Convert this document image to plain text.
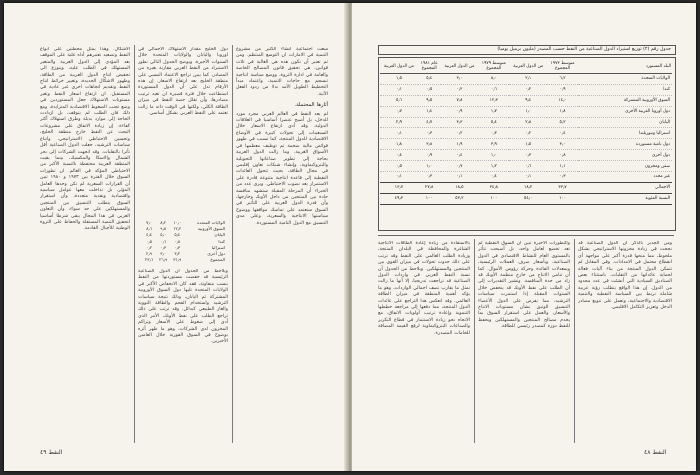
الاشكال. وهذا يمثل محطتين على ابواع النفط وتصعيد تعتبرهم أداه غلبة على الموقف بعد المؤدي إلى الدول العربية والمتغير المستهلك في الطلب عليه، ويتوزع الى تخفيض انتاج الدول الغربية من الطاقة، وظهور الاشكال الجديدة، وتغيير خرائط انتاج النفط وتقديم اتجاهات اخرى غير عادية في المستقبل. ان ارتفاع اسعار النفط وتغير مستويات الاستهلاك جعل المستوردين في وضع تجنب الضغوط الاقتصادية المتزايدة، ومع ذلك فان الطلب لم يتوقف، بل ازدادت الحاجة إلى موارد بديلة وطرق استهلاك أكثر كفاءة. إن زيادة الانفاق على مشروعات البحث عن النفط خارج منطقة الخليج، وتحسين الاحتياطي الاستراتيجي، واتباع سياسات الترشيد، جعلت الدول الصناعية أقل تأثرا بالتقلبات. وقد اتجهت الشركات إلى بحر الشمال والاسكا والمكسيك، بينما بقيت المنطقة العربية محتفظة بالنسبة الأكبر من الاحتياطي المؤكد في العالم. ان تطورات السوق خلال الفترة بين ١٩٧٣ و ١٩٨٠ تبين أن القرارات السعرية لم تكن وحدها العامل المؤثر، بل تداخلت معها عوامل سياسية واقتصادية ونقدية متعددة، وأن استقرار السوق يتطلب التنسيق بين المنتجين والمستهلكين على حد سواء، وأن التعاون العربي في هذا المجال يبقى شرطا أساسيا لتحقيق التنمية المستقلة والحفاظ على الثروة الوطنية للأجيال القادمة.
دول الخليج مقدار الاستهلاك الاجمالي في اوروبا واليابان والولايات المتحدة خلال السنوات الأخيرة، ويوضح الجدول التالي تطور الاستيراد من النفط العربي مقارنة بغيره من المصادر، كما يبين تراجع الاعتماد النسبي على منطقة الخليج بعد ارتفاع الاسعار. إن هذه الأرقام تدل على أن الدول المستوردة استطاعت خلال فترة قصيرة ان تعيد ترتيب مصادرها، وأن تقلل حصة النفط في ميزان الطاقة الكلي، ولكنها في الوقت ذاته ما زالت تعتمد على النفط العربي بشكل أساسي.
الولايات المتحدة	١٠٫٠	٨٫٢	٧٫٠
السوق الأوروبية	١٢٫٢	٩٫٨	٨٫٦
اليابان	٥٫٤	٥٫٠	٤٫٤
كندا	٠٫٨	٠٫٦	٠٫٥
استراليا	٠٫٣	٠٫٣	٠٫٢
دول أخرى	٣٫٢	٣٫٠	٢٫٩
المجموع	٣١٫٩	٢٦٫٩	٢٣٫٦
ويلاحظ من الجدول أن الدول الصناعية الرئيسية قد خفضت مستوردتها من النفط بنسب متفاوتة، فقد كان الانخفاض الأكبر في الولايات المتحدة تليها دول السوق الأوروبية المشتركة ثم اليابان، وذلك نتيجة سياسات الترشيد واستخدام الفحم والطاقة النووية والغاز الطبيعي كبدائل. وقد ترتب على ذلك تراجع الطلب على نفط الأوبك، الأمر الذي أدى إلى ضغوط على الأسعار وتراكم المخزون لدى الشركات، وهو ما ظهر أثره بوضوح في السوق الفورية خلال العامين الأخيرين.
سعت اجتماعية انشاء الكثير من مشروع التنمية في الامارات ان التوسع المنتظم. ومن ثم تعتبر أن تكون هذه هي الغالبة في ثلاث قوانين، هي تحقيق قانون المصالح الخاصة والعامة في ادارة الثروة، ووضع سياسة انتاجية تنسجم مع حاجات التنمية، واعتماد مبدأ التخطيط الطويل الأمد بدلا من ردود الفعل الآنية.
آثارها المحتملة.
لم يعد النفط في العالم العربي مجرد مورد للدخل، بل أصبح عنصرا أساسيا في العلاقات الدولية. وقد أدى ارتفاع الاسعار خلال السبعينات إلى تحولات كبيرة في الأوضاع الاقتصادية للدول المنتجة، كما تسبب في ظهور فوائض مالية ضخمة تم توظيف معظمها في الأسواق الغربية. وما زالت الدول العربية بحاجة إلى تطوير صناعاتها التحويلية والبتروكيماوية، وإنشاء شبكات تعاون إقليمي في مجال الطاقة، بحيث تتحول العائدات النفطية إلى قاعدة انتاجية متنوعة قادرة على الاستمرار بعد نضوب الاحتياطي. ويرى عدد من الخبراء أن المرحلة المقبلة ستشهد منافسة حادة بين المنتجين من داخل الأوبك وخارجها، وأن قدرة الدول العربية على التأثير في السوق ستعتمد على تماسك مواقفها ووضوح سياستها الانتاجية والسعرية، وعلى مدى التنسيق مع الدول النامية المستوردة.
النفط ٤٩
جدول رقم (٢) توزيع استيراد الدول الصناعية من النفط حسب المصدر (مليون برميل يوميا)
البلد المستورد	متوسط ١٩٧٣
المجموع	من الدول العربية	متوسط ١٩٧٩
المجموع	من الدول العربية	عام ١٩٨١
المجموع	من الدول العربية
الولايات المتحدة	٦٫٢	٢٫١	٨٫٠	٣٫٠	٥٫٤	١٫٥
كندا	٠٫٩	٠٫٢	٠٫٦	٠٫٢	٠٫٥	٠٫١
السوق الأوروبية المشتركة	١٤٫٠	٩٫٤	١٢٫٣	٧٫٨	٩٫٥	٥٫٦
دول أوروبا الغربية الأخرى	١٫٨	١٫٠	١٫٧	٠٫٩	١٫٤	٠٫٧
اليابان	٥٫٢	٢٫٨	٥٫٤	٣٫٣	٤٫٧	٢٫٩
استراليا ونيوزيلندا	٠٫٤	٠٫٢	٠٫٣	٠٫٢	٠٫٣	٠٫١
دول نامية مستوردة	٣٫٠	١٫٥	٣٫٩	١٫٩	٣٫٨	١٫٨
دول أخرى	٠٫٨	٠٫٣	١٫٠	٠٫٤	٠٫٩	٠٫٤
سفن ومخزون	١٫١	٠٫٦	١٫٢	٠٫٧	١٫٠	٠٫٥
غير محدد	٠٫٣	٠٫١	٠٫٤	٠٫١	٠٫٣	٠٫١
الاجمالي	٣٣٫٧	١٨٫٢	٣٤٫٨	١٨٫٥	٢٧٫٨	١٣٫٧
النسبة المئوية	١٠٠	٥٤٫٠	١٠٠	٥٣٫٢	١٠٠	٤٩٫٣
بالاستفادة من زيادة إعادة الطاقات الانتاجية الشاغرة والمحافظة في البلدان المنتجة، وزيادة الطلب العالمي على النفط وقد ترتب على ذلك حدوث تحولات في ميزان القوى بين المنتجين والمستهلكين. ويلاحظ من الجدول أن نسبة النفط العربي في واردات الدول الصناعية قد تراجعت تدريجيا، إلا أنها ما زالت تمثل ما يقارب نصف اجمالي الواردات، وهو ما يؤكد أهمية المنطقة في ميزان الطاقة العالمي. وقد انعكس هذا التراجع على عائدات الدول المنتجة، مما دفعها إلى مراجعة خططها التنموية وإعادة ترتيب أولويات الانفاق، مع الاتجاه نحو زيادة الاستثمار في قطاع التكرير والصناعات البتروكيماوية لرفع القيمة المضافة للخامات المصدرة.
والتطورات الاخيرة تبين أن السوق النفطية لم تعد تخضع لعامل واحد، بل أصبحت تتأثر بالمستوى العام للنشاط الاقتصادي في الدول الصناعية، وبأسعار صرف العملات الرئيسية، وبمعدلات الفائدة وحركة رؤوس الأموال. كما أن تنامي الانتاج من خارج منظمة الأوبك قد زاد من حدة المنافسة. وتشير التقديرات إلى أن الطلب على نفط الأوبك قد ينخفض خلال السنوات المقبلة إذا استمرت سياسات الترشيد، مما يفرض على الدول الأعضاء التنسيق الوثيق بشأن مستويات الانتاج والأسعار، والعمل على استقرار السوق بما يخدم مصالح المنتجين والمستهلكين ويحفظ للنفط دوره كمصدر رئيسي للطاقة.
ومن الجدير بالذكر أن الدول الصناعية قد نجحت في زيادة مخزونها الاستراتيجي بشكل ملحوظ، مما منحها قدرة أكبر على مواجهة أي انقطاع محتمل في الامدادات. وفي المقابل لم تتمكن الدول المنتجة من بناء آليات فعالة لحماية عائداتها من التقلبات، باستثناء بعض الصناديق السيادية التي أنشئت في عدد محدود من الدول. إن هذا الواقع يتطلب رؤية عربية شاملة تربط بين السياسة النفطية والتنمية الاقتصادية والاجتماعية، وتعمل على تنويع مصادر الدخل وتعزيز التكامل الاقليمي.
النفط ٤٨
